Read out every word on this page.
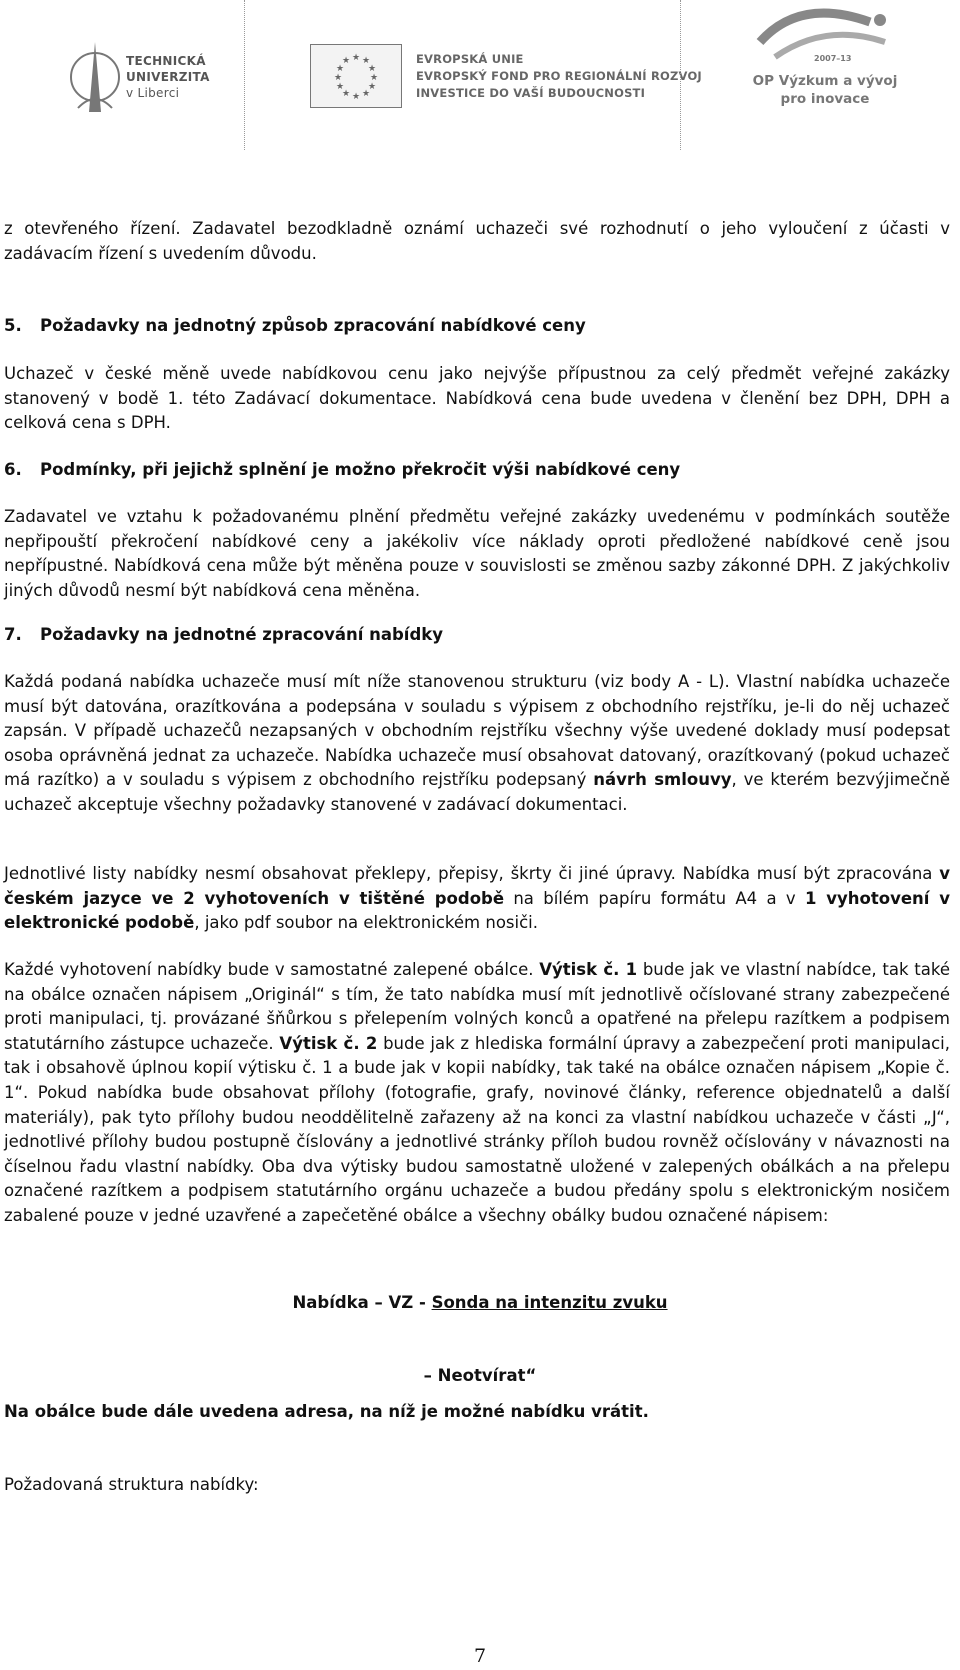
TECHNICKÁ
UNIVERZITA
v Liberci
★ ★
★
★
★
★
★
★
★
★
★
★	EVROPSKÁ UNIE
EVROPSKÝ FOND PRO REGIONÁLNÍ ROZVOJ
INVESTICE DO VAŠÍ BUDOUCNOSTI
2007–13
OP Výzkum a vývoj
pro inovace

z otevřeného řízení. Zadavatel bezodkladně oznámí uchazeči své rozhodnutí o jeho vyloučení z účasti v zadávacím řízení s uvedením důvodu.

5. Požadavky na jednotný způsob zpracování nabídkové ceny

Uchazeč v české měně uvede nabídkovou cenu jako nejvýše přípustnou za celý předmět veřejné zakázky stanovený v bodě 1. této Zadávací dokumentace. Nabídková cena bude uvedena v členění bez DPH, DPH a celková cena s DPH.

6. Podmínky, při jejichž splnění je možno překročit výši nabídkové ceny

Zadavatel ve vztahu k požadovanému plnění předmětu veřejné zakázky uvedenému v podmínkách soutěže nepřipouští překročení nabídkové ceny a jakékoliv více náklady oproti předložené nabídkové ceně jsou nepřípustné. Nabídková cena může být měněna pouze v souvislosti se změnou sazby zákonné DPH. Z jakýchkoliv jiných důvodů nesmí být nabídková cena měněna.

7. Požadavky na jednotné zpracování nabídky

Každá podaná nabídka uchazeče musí mít níže stanovenou strukturu (viz body A - L). Vlastní nabídka uchazeče musí být datována, orazítkována a podepsána v souladu s výpisem z obchodního rejstříku, je-li do něj uchazeč zapsán. V případě uchazečů nezapsaných v obchodním rejstříku všechny výše uvedené doklady musí podepsat osoba oprávněná jednat za uchazeče. Nabídka uchazeče musí obsahovat datovaný, orazítkovaný (pokud uchazeč má razítko) a v souladu s výpisem z obchodního rejstříku podepsaný návrh smlouvy, ve kterém bezvýjimečně uchazeč akceptuje všechny požadavky stanovené v zadávací dokumentaci.

Jednotlivé listy nabídky nesmí obsahovat překlepy, přepisy, škrty či jiné úpravy. Nabídka musí být zpracována v českém jazyce ve 2 vyhotoveních v tištěné podobě na bílém papíru formátu A4 a v 1 vyhotovení v elektronické podobě, jako pdf soubor na elektronickém nosiči.

Každé vyhotovení nabídky bude v samostatné zalepené obálce. Výtisk č. 1 bude jak ve vlastní nabídce, tak také na obálce označen nápisem „Originál“ s tím, že tato nabídka musí mít jednotlivě očíslované strany zabezpečené proti manipulaci, tj. provázané šňůrkou s přelepením volných konců a opatřené na přelepu razítkem a podpisem statutárního zástupce uchazeče. Výtisk č. 2 bude jak z hlediska formální úpravy a zabezpečení proti manipulaci, tak i obsahově úplnou kopií výtisku č. 1 a bude jak v kopii nabídky, tak také na obálce označen nápisem „Kopie č. 1“. Pokud nabídka bude obsahovat přílohy (fotografie, grafy, novinové články, reference objednatelů a další materiály), pak tyto přílohy budou neoddělitelně zařazeny až na konci za vlastní nabídkou uchazeče v části „J“, jednotlivé přílohy budou postupně číslovány a jednotlivé stránky příloh budou rovněž očíslovány v návaznosti na číselnou řadu vlastní nabídky. Oba dva výtisky budou samostatně uložené v zalepených obálkách a na přelepu označené razítkem a podpisem statutárního orgánu uchazeče a budou předány spolu s elektronickým nosičem zabalené pouze v jedné uzavřené a zapečetěné obálce a všechny obálky budou označené nápisem:

Nabídka – VZ - Sonda na intenzitu zvuku
– Neotvírat“
Na obálce bude dále uvedena adresa, na níž je možné nabídku vrátit.

Požadovaná struktura nabídky:

7
